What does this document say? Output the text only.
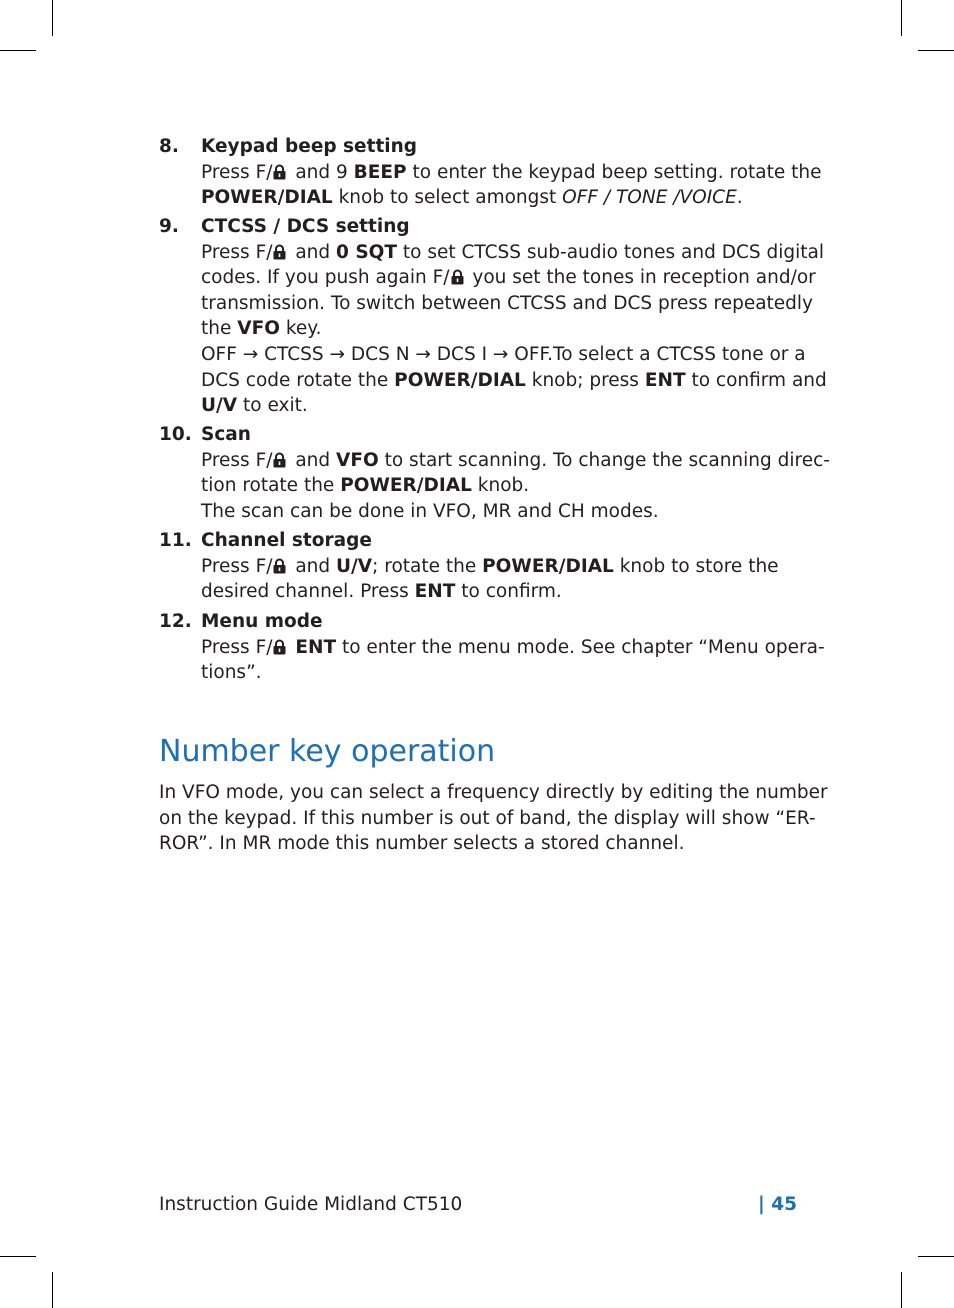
8. Keypad beep setting
Press F/ and 9 BEEP to enter the keypad beep setting. rotate the
POWER/DIAL knob to select amongst OFF / TONE /VOICE.
9. CTCSS / DCS setting
Press F/ and 0 SQT to set CTCSS sub-audio tones and DCS digital
codes. If you push again F/ you set the tones in reception and/or
transmission. To switch between CTCSS and DCS press repeatedly
the VFO key.
OFF → CTCSS → DCS N → DCS I → OFF.To select a CTCSS tone or a
DCS code rotate the POWER/DIAL knob; press ENT to confirm and
U/V to exit.
10. Scan
Press F/ and VFO to start scanning. To change the scanning direc-
tion rotate the POWER/DIAL knob.
The scan can be done in VFO, MR and CH modes.
11. Channel storage
Press F/ and U/V; rotate the POWER/DIAL knob to store the
desired channel. Press ENT to confirm.
12. Menu mode
Press F/ ENT to enter the menu mode. See chapter “Menu opera-
tions”.
Number key operation
In VFO mode, you can select a frequency directly by editing the number
on the keypad. If this number is out of band, the display will show “ER-
ROR”. In MR mode this number selects a stored channel.
Instruction Guide Midland CT510	| 45
